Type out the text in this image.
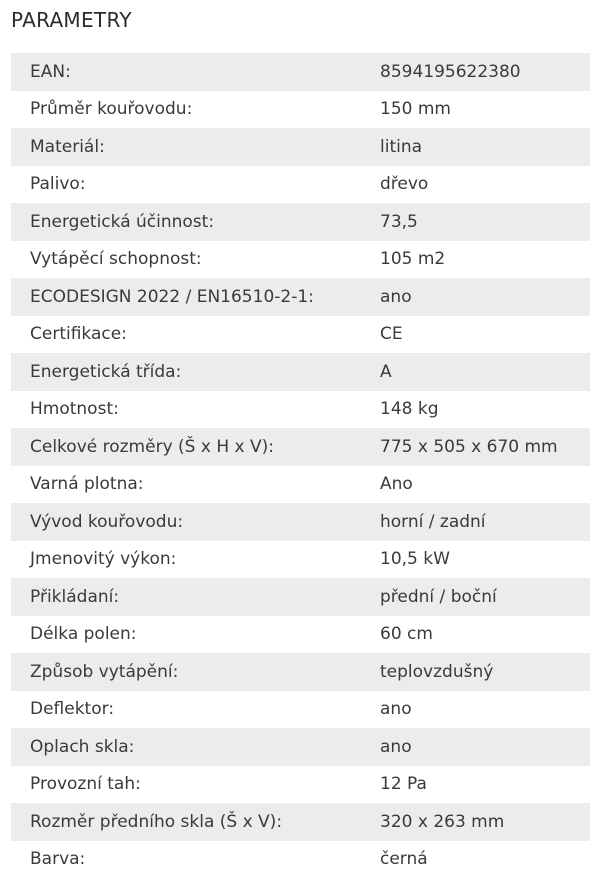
PARAMETRY
EAN:	8594195622380
Průměr kouřovodu:	150 mm
Materiál:	litina
Palivo:	dřevo
Energetická účinnost:	73,5
Vytápěcí schopnost:	105 m2
ECODESIGN 2022 / EN16510-2-1:	ano
Certifikace:	CE
Energetická třída:	A
Hmotnost:	148 kg
Celkové rozměry (Š x H x V):	775 x 505 x 670 mm
Varná plotna:	Ano
Vývod kouřovodu:	horní / zadní
Jmenovitý výkon:	10,5 kW
Přikládaní:	přední / boční
Délka polen:	60 cm
Způsob vytápění:	teplovzdušný
Deflektor:	ano
Oplach skla:	ano
Provozní tah:	12 Pa
Rozměr předního skla (Š x V):	320 x 263 mm
Barva:	černá
